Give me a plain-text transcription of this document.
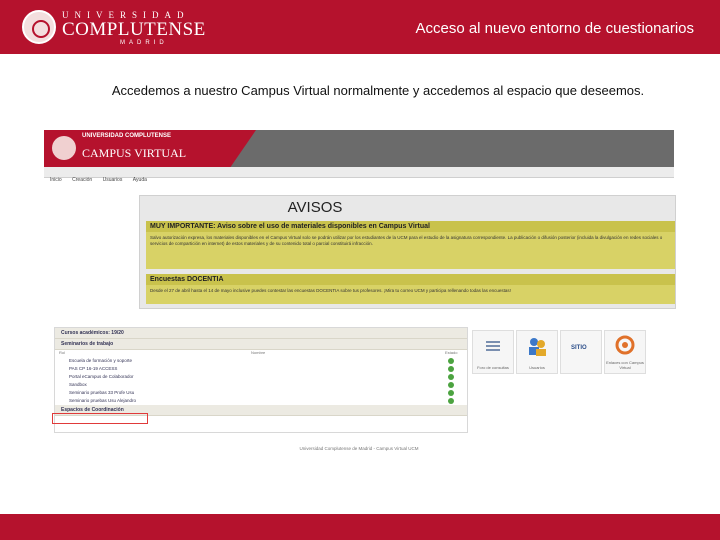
UNIVERSIDAD
COMPLUTENSE
MADRID
Acceso al nuevo entorno de cuestionarios
Accedemos a nuestro Campus Virtual normalmente y accedemos al espacio que deseemos.
UNIVERSIDAD COMPLUTENSE
CAMPUS VIRTUAL
Inicio Creación Usuarios Ayuda
AVISOS
MUY IMPORTANTE: Aviso sobre el uso de materiales disponibles en Campus Virtual

Salvo autorización expresa, los materiales disponibles en el Campus Virtual solo se podrán utilizar por los estudiantes de la UCM para el estudio de la asignatura correspondiente. La publicación o difusión posterior (incluida la divulgación en redes sociales o servicios de compartición en internet) de estos materiales y de su contenido total o parcial constituirá infracción.

Encuestas DOCENTIA

Desde el 27 de abril hasta el 14 de mayo inclusive puedes contestar las encuestas DOCENTIA sobre tus profesores. ¡Mira tu correo UCM y participa rellenando todas las encuestas!

Cursos académicos: 19/20
Seminarios de trabajo
Rol	Nombre	Estado
Escuela de formación y soporte
PAS CP 16-19 ACCESS
Portal eCampus de Colaborador
Sandbox
Seminario pruebas 33 Profe Usu
Seminario pruebas Usu Alejandro
Espacios de Coordinación
Foro de consultas	Usuarios
SITIO
Enlaces con Campus Virtual
Universidad Complutense de Madrid - Campus Virtual UCM
